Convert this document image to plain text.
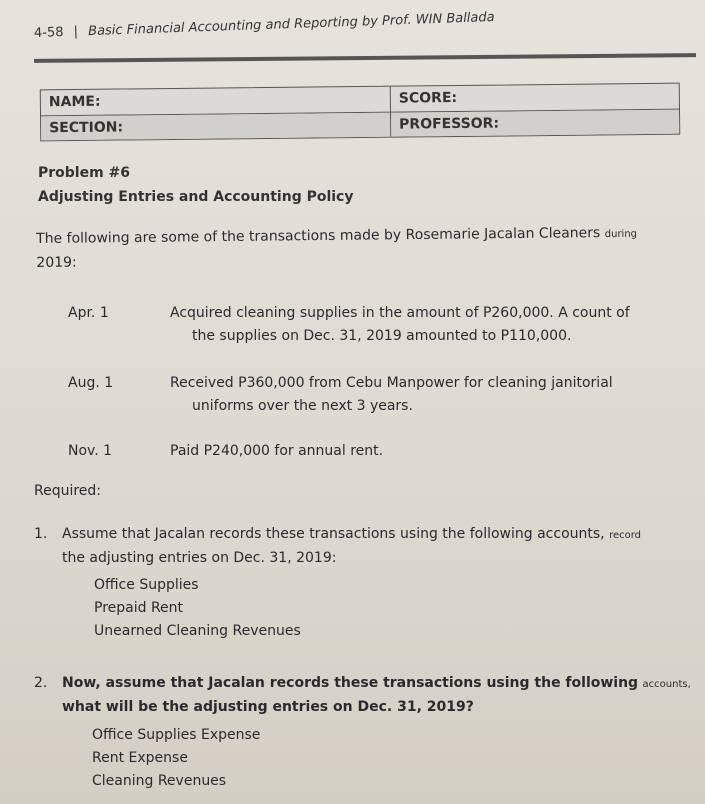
4-58 | Basic Financial Accounting and Reporting by Prof. WIN Ballada
NAME:	SCORE:
SECTION:	PROFESSOR:
Problem #6
Adjusting Entries and Accounting Policy
The following are some of the transactions made by Rosemarie Jacalan Cleaners during
2019:
Apr. 1	Acquired cleaning supplies in the amount of P260,000. A count of
the supplies on Dec. 31, 2019 amounted to P110,000.
Aug. 1	Received P360,000 from Cebu Manpower for cleaning janitorial
uniforms over the next 3 years.
Nov. 1	Paid P240,000 for annual rent.
Required:
1. Assume that Jacalan records these transactions using the following accounts, record
the adjusting entries on Dec. 31, 2019:
Office Supplies
Prepaid Rent
Unearned Cleaning Revenues
2. Now, assume that Jacalan records these transactions using the following accounts,
what will be the adjusting entries on Dec. 31, 2019?
Office Supplies Expense
Rent Expense
Cleaning Revenues
